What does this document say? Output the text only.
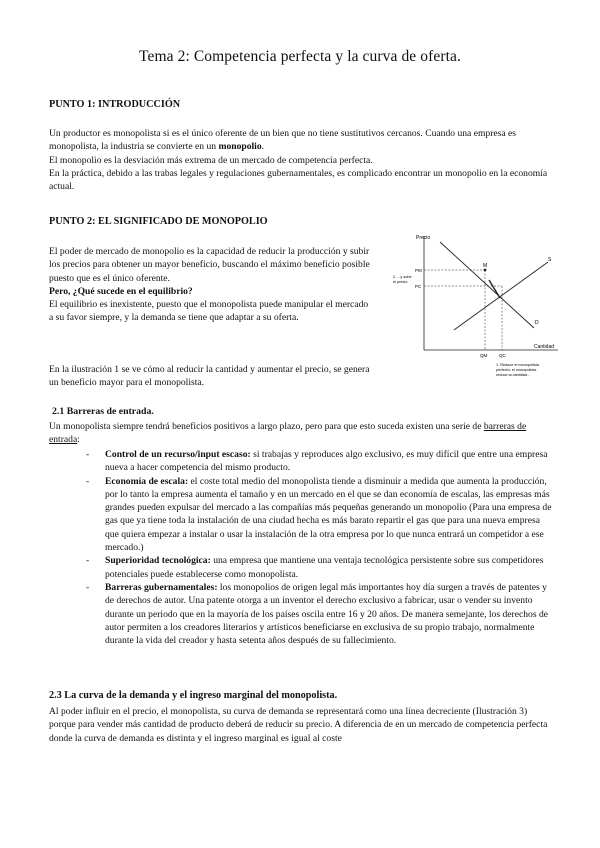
Tema 2: Competencia perfecta y la curva de oferta.
PUNTO 1: INTRODUCCIÓN

Un productor es monopolista si es el único oferente de un bien que no tiene sustitutivos cercanos. Cuando una empresa es monopolista, la industria se convierte en un monopolio.

El monopolio es la desviación más extrema de un mercado de competencia perfecta.

En la práctica, debido a las trabas legales y regulaciones gubernamentales, es complicado encontrar un monopolio en la economía actual.

PUNTO 2: EL SIGNIFICADO DE MONOPOLIO

El poder de mercado de monopolio es la capacidad de reducir la producción y subir los precios para obtener un mayor beneficio, buscando el máximo beneficio posible puesto que es el único oferente.

Pero, ¿Qué sucede en el equilibrio?

El equilibrio es inexistente, puesto que el monopolista puede manipular el mercado a su favor siempre, y la demanda se tiene que adaptar a su oferta.

En la ilustración 1 se ve cómo al reducir la cantidad y aumentar el precio, se genera un beneficio mayor para el monopolista.
Precio
Cantidad
D
S
M
PM
PC
QM	QC
2. ...y sube
el precio.
1. Reduce el monopolista
perfecto: el monopolista
reduce la cantidad...
2.1 Barreras de entrada.
Un monopolista siempre tendrá beneficios positivos a largo plazo, pero para que esto suceda existen una serie de barreras de entrada:
- Control de un recurso/input escaso: si trabajas y reproduces algo exclusivo, es muy difícil que entre una empresa nueva a hacer competencia del mismo producto.
- Economía de escala: el coste total medio del monopolista tiende a disminuir a medida que aumenta la producción, por lo tanto la empresa aumenta el tamaño y en un mercado en el que se dan economía de escalas, las empresas más grandes pueden expulsar del mercado a las compañías más pequeñas generando un monopolio (Para una empresa de gas que ya tiene toda la instalación de una ciudad hecha es más barato repartir el gas que para una nueva empresa que quiera empezar a instalar o usar la instalación de la otra empresa por lo que nunca entrará un competidor a ese mercado.)
- Superioridad tecnológica: una empresa que mantiene una ventaja tecnológica persistente sobre sus competidores potenciales puede establecerse como monopolista.
- Barreras gubernamentales: los monopolios de origen legal más importantes hoy día surgen a través de patentes y de derechos de autor. Una patente otorga a un inventor el derecho exclusivo a fabricar, usar o vender su invento durante un periodo que en la mayoría de los países oscila entre 16 y 20 años. De manera semejante, los derechos de autor permiten a los creadores literarios y artísticos beneficiarse en exclusiva de su propio trabajo, normalmente durante la vida del creador y hasta setenta años después de su fallecimiento.
2.3 La curva de la demanda y el ingreso marginal del monopolista.
Al poder influir en el precio, el monopolista, su curva de demanda se representará como una línea decreciente (Ilustración 3) porque para vender más cantidad de producto deberá de reducir su precio. A diferencia de en un mercado de competencia perfecta donde la curva de demanda es distinta y el ingreso marginal es igual al coste
